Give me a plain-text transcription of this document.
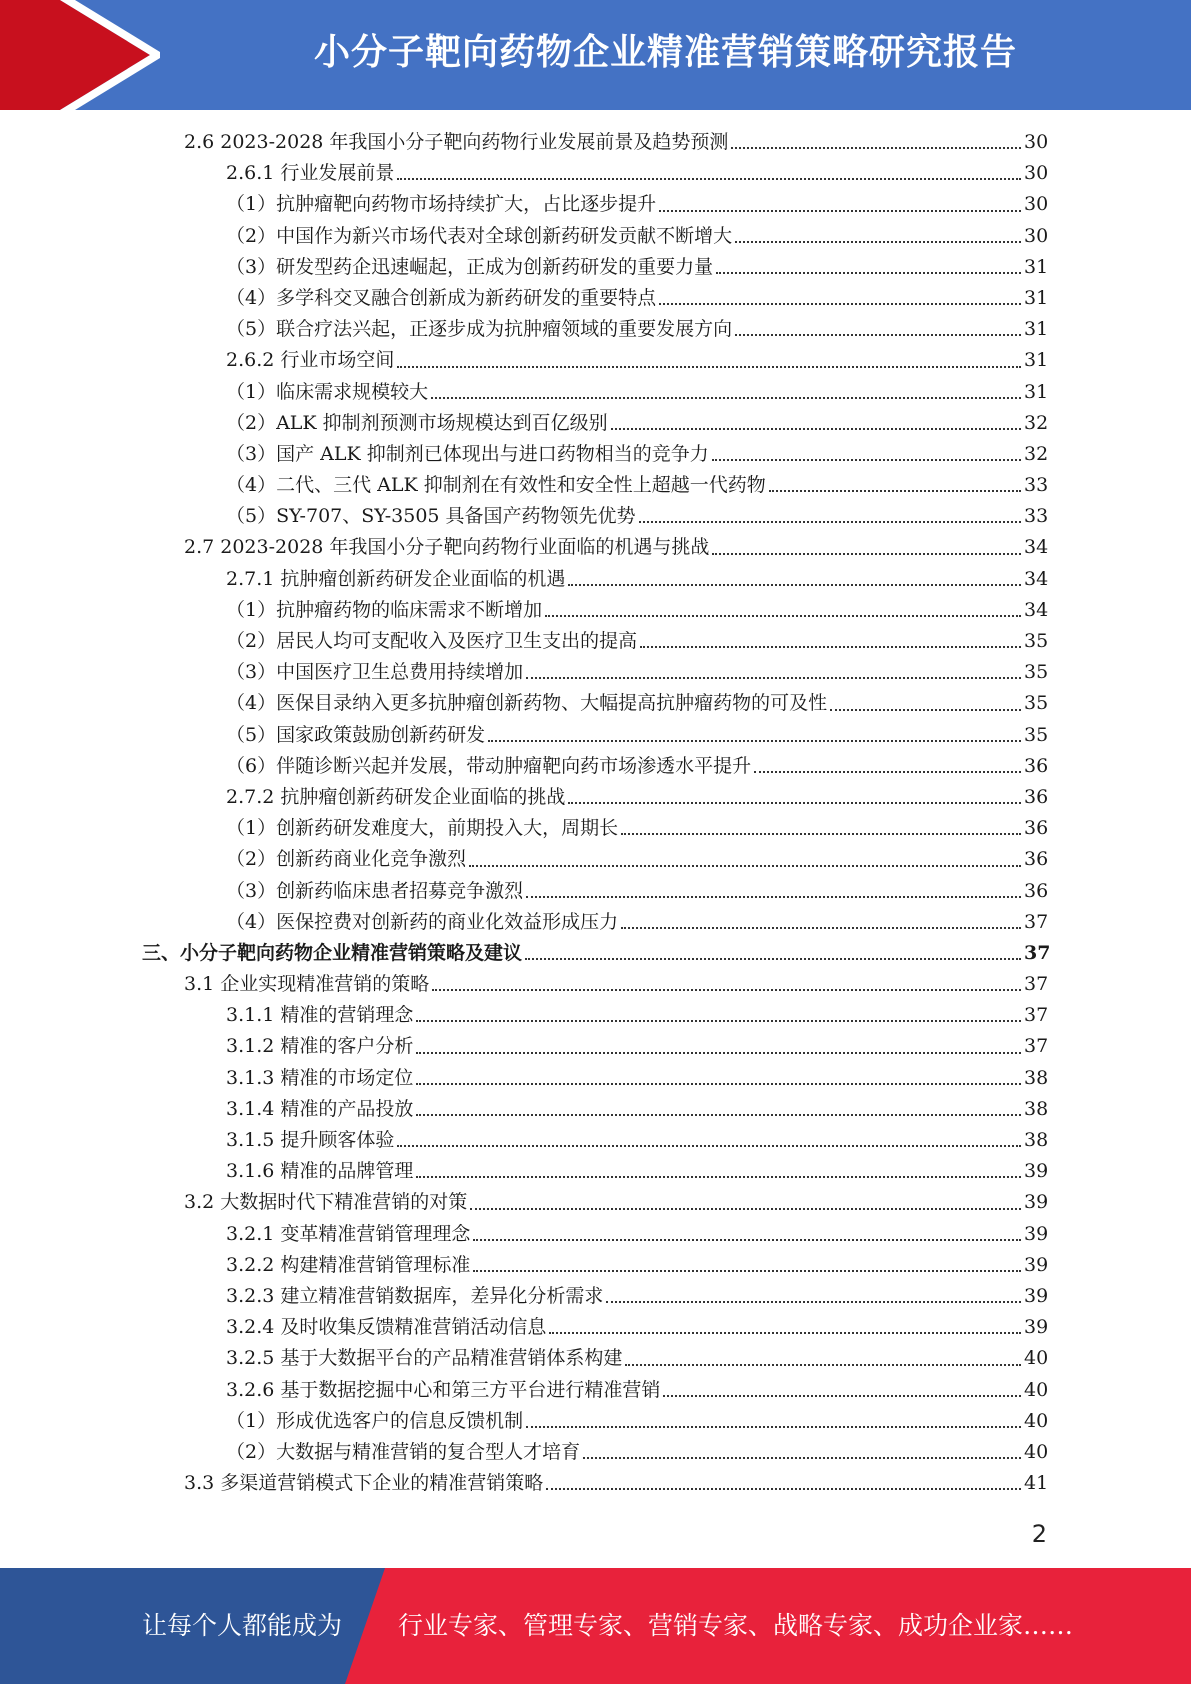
小分子靶向药物企业精准营销策略研究报告
2.6 2023-2028 年我国小分子靶向药物行业发展前景及趋势预测	30
2.6.1 行业发展前景	30
（1）抗肿瘤靶向药物市场持续扩大，占比逐步提升	30
（2）中国作为新兴市场代表对全球创新药研发贡献不断增大	30
（3）研发型药企迅速崛起，正成为创新药研发的重要力量	31
（4）多学科交叉融合创新成为新药研发的重要特点	31
（5）联合疗法兴起，正逐步成为抗肿瘤领域的重要发展方向	31
2.6.2 行业市场空间	31
（1）临床需求规模较大	31
（2）ALK 抑制剂预测市场规模达到百亿级别	32
（3）国产 ALK 抑制剂已体现出与进口药物相当的竞争力	32
（4）二代、三代 ALK 抑制剂在有效性和安全性上超越一代药物	33
（5）SY-707、SY-3505 具备国产药物领先优势	33
2.7 2023-2028 年我国小分子靶向药物行业面临的机遇与挑战	34
2.7.1 抗肿瘤创新药研发企业面临的机遇	34
（1）抗肿瘤药物的临床需求不断增加	34
（2）居民人均可支配收入及医疗卫生支出的提高	35
（3）中国医疗卫生总费用持续增加	35
（4）医保目录纳入更多抗肿瘤创新药物、大幅提高抗肿瘤药物的可及性	35
（5）国家政策鼓励创新药研发	35
（6）伴随诊断兴起并发展，带动肿瘤靶向药市场渗透水平提升	36
2.7.2 抗肿瘤创新药研发企业面临的挑战	36
（1）创新药研发难度大，前期投入大，周期长	36
（2）创新药商业化竞争激烈	36
（3）创新药临床患者招募竞争激烈	36
（4）医保控费对创新药的商业化效益形成压力	37
三、小分子靶向药物企业精准营销策略及建议	37
3.1 企业实现精准营销的策略	37
3.1.1 精准的营销理念	37
3.1.2 精准的客户分析	37
3.1.3 精准的市场定位	38
3.1.4 精准的产品投放	38
3.1.5 提升顾客体验	38
3.1.6 精准的品牌管理	39
3.2 大数据时代下精准营销的对策	39
3.2.1 变革精准营销管理理念	39
3.2.2 构建精准营销管理标准	39
3.2.3 建立精准营销数据库，差异化分析需求	39
3.2.4 及时收集反馈精准营销活动信息	39
3.2.5 基于大数据平台的产品精准营销体系构建	40
3.2.6 基于数据挖掘中心和第三方平台进行精准营销	40
（1）形成优选客户的信息反馈机制	40
（2）大数据与精准营销的复合型人才培育	40
3.3 多渠道营销模式下企业的精准营销策略	41
2
让每个人都能成为 行业专家、管理专家、营销专家、战略专家、成功企业家……
